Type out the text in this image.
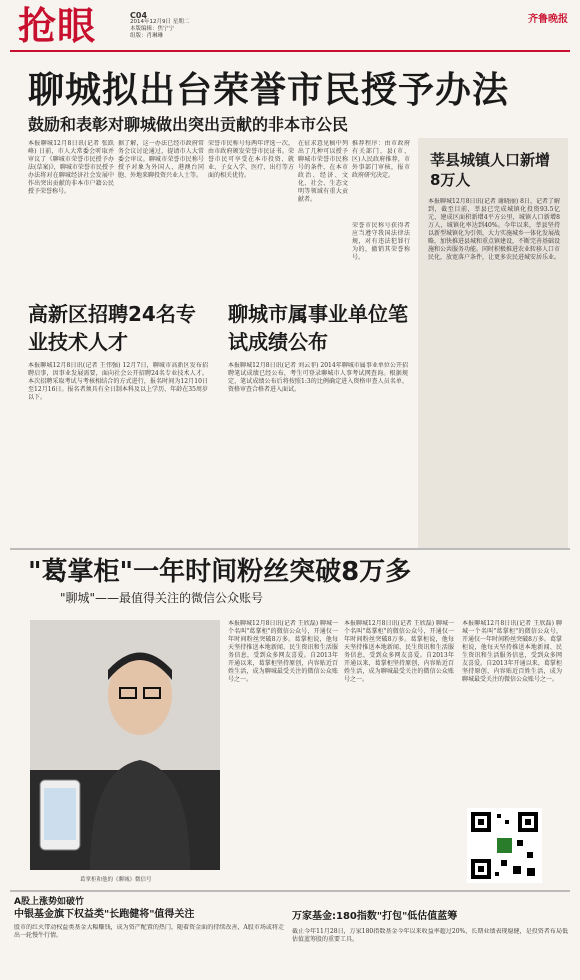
抢眼	C04
2014年12月9日 星期二
本版编辑：焦宁宁
组版：肖琳琳
齐鲁晚报
聊城拟出台荣誉市民授予办法
鼓励和表彰对聊城做出突出贡献的非本市公民
本报聊城12月8日讯(记者 张跃峰) 日前，市人大常委会听取并审议了《聊城市荣誉市民授予办法(草案)》，聊城市荣誉市民授予办法将对在聊城经济社会发展中作出突出贡献的非本市户籍公民授予荣誉称号。
据了解，这一办法已经市政府常务会议讨论通过，提请市人大常委会审议。聊城市荣誉市民称号授予对象为外国人、港澳台同胞、外地来聊投资兴业人士等。
荣誉市民称号每两年评选一次，由市政府颁发荣誉市民证书。荣誉市民可享受在本市投资、就业、子女入学、医疗、出行等方面的相关优待。
在征求意见稿中列出了几种可以授予聊城市荣誉市民称号的条件，在本市政治、经济、文化、社会、生态文明等领域有重大贡献者。
推荐程序：由市政府有关部门、县(市、区)人民政府推荐，市外事部门审核，报市政府研究决定。
荣誉市民称号获得者应当遵守我国法律法规，对有违法犯罪行为的，撤销其荣誉称号。
莘县城镇人口新增8万人
本报聊城12月8日讯(记者 谢晓丽) 8日，记者了解到，截至目前，莘县已完成城镇化投资93.5亿元，建成区面积新增4平方公里，城镇人口新增8万人，城镇化率达到40%。今年以来，莘县坚持以新型城镇化为引领，大力实施城乡一体化发展战略，加快推进县城和重点镇建设，不断完善基础设施和公共服务功能。同时积极推进农业转移人口市民化，放宽落户条件，让更多农民进城安居乐业。
高新区招聘24名专业技术人才
本报聊城12月8日讯(记者 王伟强) 12月7日，聊城市高新区发布招聘启事，因事业发展需要，面向社会公开招聘24名专业技术人才。本次招聘采取考试与考核相结合的方式进行，报名时间为12月10日至12月16日。报名者须具有全日制本科及以上学历，年龄在35周岁以下。
聊城市属事业单位笔试成绩公布
本报聊城12月8日讯(记者 刘云菲) 2014年聊城市属事业单位公开招聘笔试成绩已经公布，考生可登录聊城市人事考试网查询。根据规定，笔试成绩公布后将按照1:3的比例确定进入资格审查人员名单，资格审查合格者进入面试。
"葛掌柜"一年时间粉丝突破8万多
"聊城"——最值得关注的微信公众账号
葛掌柜和他的《聊城》微信号
本报聊城12月8日讯(记者 王欣磊) 聊城一个名叫"葛掌柜"的微信公众号，开通仅一年时间粉丝突破8万多。葛掌柜说，他每天坚持推送本地新闻、民生资讯和生活服务信息，受到众多网友喜爱。自2013年开通以来，葛掌柜坚持原创，内容贴近百姓生活，成为聊城最受关注的微信公众账号之一。
本报聊城12月8日讯(记者 王欣磊) 聊城一个名叫"葛掌柜"的微信公众号，开通仅一年时间粉丝突破8万多。葛掌柜说，他每天坚持推送本地新闻、民生资讯和生活服务信息，受到众多网友喜爱。自2013年开通以来，葛掌柜坚持原创，内容贴近百姓生活，成为聊城最受关注的微信公众账号之一。
本报聊城12月8日讯(记者 王欣磊) 聊城一个名叫"葛掌柜"的微信公众号，开通仅一年时间粉丝突破8万多。葛掌柜说，他每天坚持推送本地新闻、民生资讯和生活服务信息，受到众多网友喜爱。自2013年开通以来，葛掌柜坚持原创，内容贴近百姓生活，成为聊城最受关注的微信公众账号之一。
A股上涨势如破竹
中银基金旗下权益类"长跑健将"值得关注
股市的红火带动权益类基金大幅赚钱，成为资产配置的热门，随着资金面的持续改善，A股市场或将走出一轮慢牛行情。
万家基金:180指数"打包"低估值蓝筹
截止今年11月28日，万家180指数基金今年以来收益率超过20%，长期业绩表现稳健，是投资者布局低估值蓝筹股的重要工具。
